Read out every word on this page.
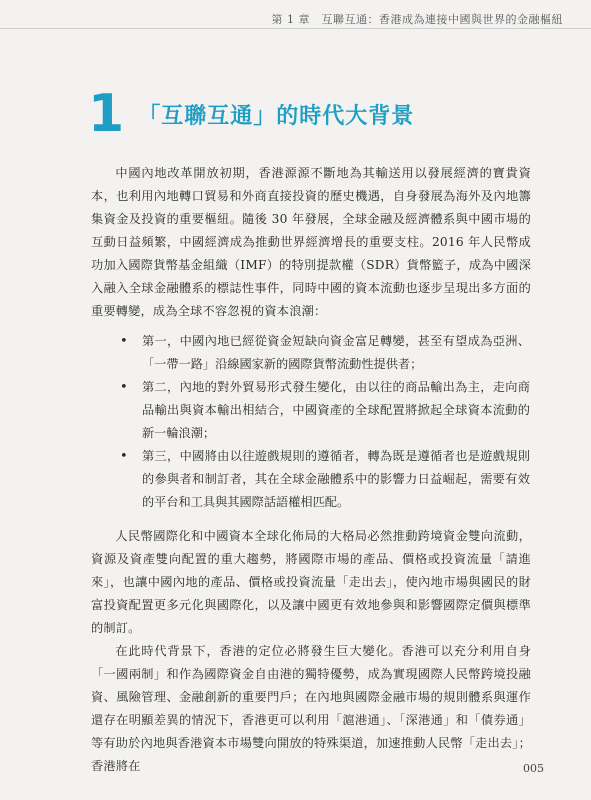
第 1 章　互聯互通：香港成為連接中國與世界的金融樞紐
1 「互聯互通」的時代大背景

中國內地改革開放初期，香港源源不斷地為其輸送用以發展經濟的寶貴資本，也利用內地轉口貿易和外商直接投資的歷史機遇，自身發展為海外及內地籌集資金及投資的重要樞紐。隨後 30 年發展，全球金融及經濟體系與中國市場的互動日益頻繁，中國經濟成為推動世界經濟增長的重要支柱。2016 年人民幣成功加入國際貨幣基金組織（IMF）的特別提款權（SDR）貨幣籃子，成為中國深入融入全球金融體系的標誌性事件，同時中國的資本流動也逐步呈現出多方面的重要轉變，成為全球不容忽視的資本浪潮：

• 第一，中國內地已經從資金短缺向資金富足轉變，甚至有望成為亞洲、「一帶一路」沿線國家新的國際貨幣流動性提供者；
• 第二，內地的對外貿易形式發生變化，由以往的商品輸出為主，走向商品輸出與資本輸出相結合，中國資產的全球配置將掀起全球資本流動的新一輪浪潮；
• 第三，中國將由以往遊戲規則的遵循者，轉為既是遵循者也是遊戲規則的參與者和制訂者，其在全球金融體系中的影響力日益崛起，需要有效的平台和工具與其國際話語權相匹配。

人民幣國際化和中國資本全球化佈局的大格局必然推動跨境資金雙向流動，資源及資產雙向配置的重大趨勢，將國際市場的產品、價格或投資流量「請進來」，也讓中國內地的產品、價格或投資流量「走出去」，使內地市場與國民的財富投資配置更多元化與國際化，以及讓中國更有效地參與和影響國際定價與標準的制訂。

在此時代背景下，香港的定位必將發生巨大變化。香港可以充分利用自身「一國兩制」和作為國際資金自由港的獨特優勢，成為實現國際人民幣跨境投融資、風險管理、金融創新的重要門戶；在內地與國際金融市場的規則體系與運作還存在明顯差異的情況下，香港更可以利用「滬港通」、「深港通」和「債券通」等有助於內地與香港資本市場雙向開放的特殊渠道，加速推動人民幣「走出去」；香港將在	005
